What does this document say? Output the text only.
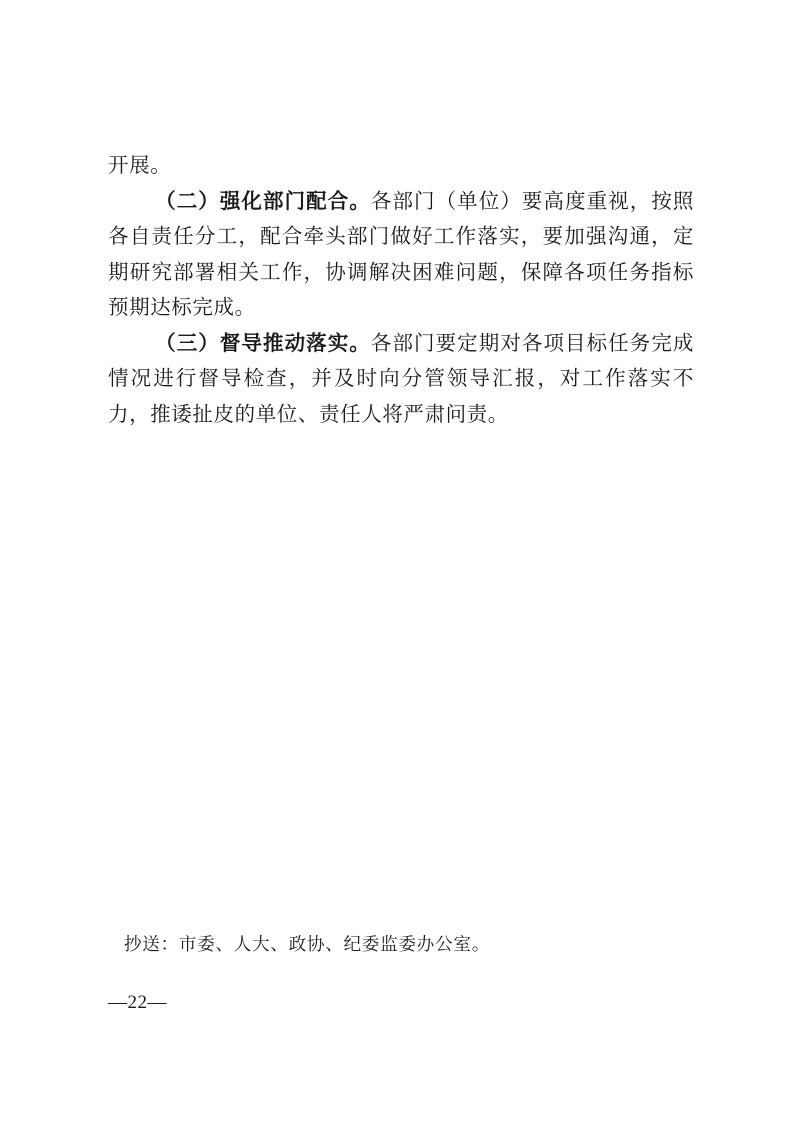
开展。

（二）强化部门配合。各部门（单位）要高度重视，按照各自责任分工，配合牵头部门做好工作落实，要加强沟通，定期研究部署相关工作，协调解决困难问题，保障各项任务指标预期达标完成。

（三）督导推动落实。各部门要定期对各项目标任务完成情况进行督导检查，并及时向分管领导汇报，对工作落实不力，推诿扯皮的单位、责任人将严肃问责。

抄送：市委、人大、政协、纪委监委办公室。
—22—
